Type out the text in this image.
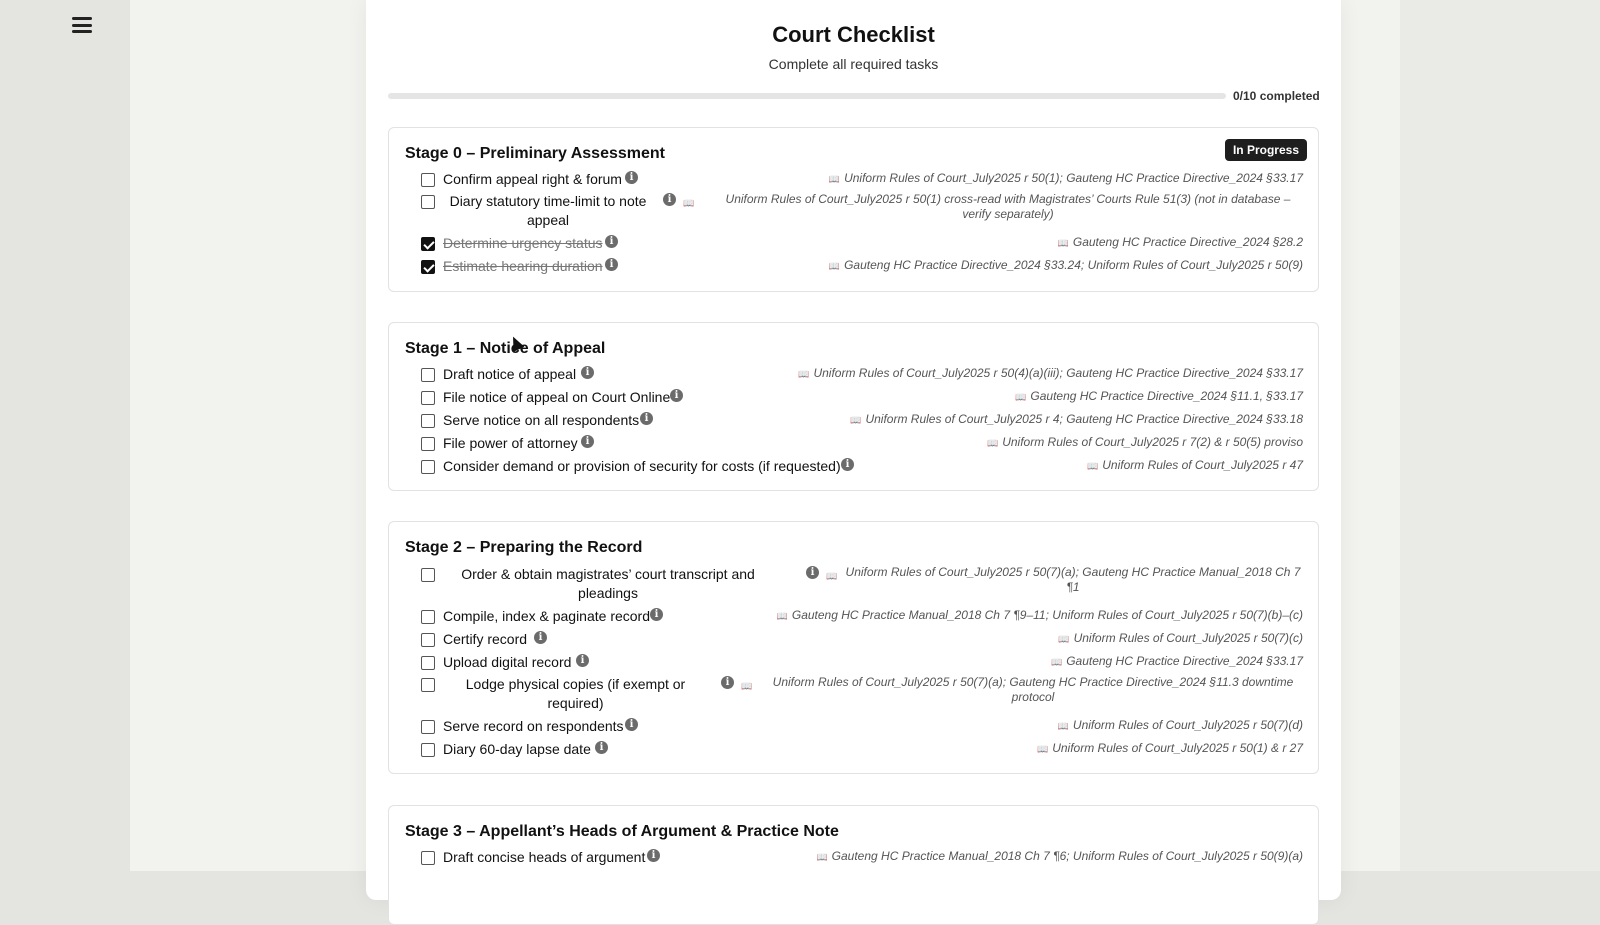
Court Checklist
Complete all required tasks
0/10 completed
Stage 0 – Preliminary Assessment	In Progress
Confirm appeal right & forum i	📖 Uniform Rules of Court_July2025 r 50(1); Gauteng HC Practice Directive_2024 §33.17
Diary statutory time-limit to note appeal
i	📖	Uniform Rules of Court_July2025 r 50(1) cross-read with Magistrates’ Courts Rule 51(3) (not in database – verify separately)
Determine urgency status i	📖 Gauteng HC Practice Directive_2024 §28.2
Estimate hearing duration i	📖 Gauteng HC Practice Directive_2024 §33.24; Uniform Rules of Court_July2025 r 50(9)
Stage 1 – Notice of Appeal
Draft notice of appeal i	📖 Uniform Rules of Court_July2025 r 50(4)(a)(iii); Gauteng HC Practice Directive_2024 §33.17
File notice of appeal on Court Online i	📖 Gauteng HC Practice Directive_2024 §11.1, §33.17
Serve notice on all respondents i	📖 Uniform Rules of Court_July2025 r 4; Gauteng HC Practice Directive_2024 §33.18
File power of attorney i	📖 Uniform Rules of Court_July2025 r 7(2) & r 50(5) proviso
Consider demand or provision of security for costs (if requested) i	📖 Uniform Rules of Court_July2025 r 47
Stage 2 – Preparing the Record
Order & obtain magistrates’ court transcript and pleadings
i	📖 Uniform Rules of Court_July2025 r 50(7)(a); Gauteng HC Practice Manual_2018 Ch 7 ¶1
Compile, index & paginate record i	📖 Gauteng HC Practice Manual_2018 Ch 7 ¶9–11; Uniform Rules of Court_July2025 r 50(7)(b)–(c)
Certify record	i	📖 Uniform Rules of Court_July2025 r 50(7)(c)
Upload digital record i	📖 Gauteng HC Practice Directive_2024 §33.17
Lodge physical copies (if exempt or required)
i	📖	Uniform Rules of Court_July2025 r 50(7)(a); Gauteng HC Practice Directive_2024 §11.3 downtime protocol
Serve record on respondents i	📖 Uniform Rules of Court_July2025 r 50(7)(d)
Diary 60-day lapse date i	📖 Uniform Rules of Court_July2025 r 50(1) & r 27
Stage 3 – Appellant’s Heads of Argument & Practice Note
Draft concise heads of argument i	📖 Gauteng HC Practice Manual_2018 Ch 7 ¶6; Uniform Rules of Court_July2025 r 50(9)(a)
